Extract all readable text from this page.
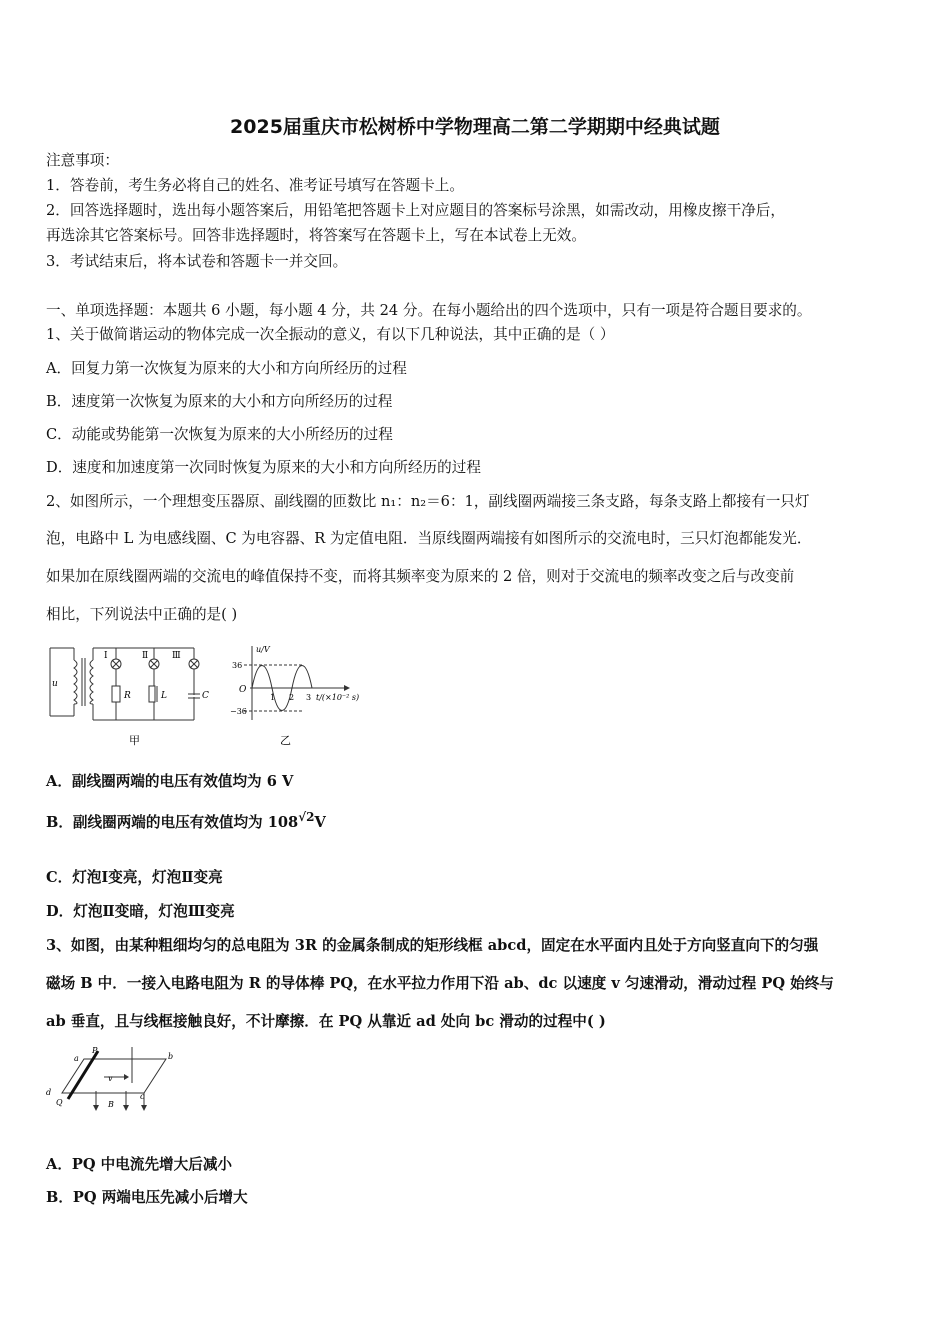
2025届重庆市松树桥中学物理高二第二学期期中经典试题
注意事项：
1．答卷前，考生务必将自己的姓名、准考证号填写在答题卡上。
2．回答选择题时，选出每小题答案后，用铅笔把答题卡上对应题目的答案标号涂黑，如需改动，用橡皮擦干净后，
再选涂其它答案标号。回答非选择题时，将答案写在答题卡上，写在本试卷上无效。
3．考试结束后，将本试卷和答题卡一并交回。
一、单项选择题：本题共 6 小题，每小题 4 分，共 24 分。在每小题给出的四个选项中，只有一项是符合题目要求的。
1、关于做简谐运动的物体完成一次全振动的意义，有以下几种说法，其中正确的是（ ）
A．回复力第一次恢复为原来的大小和方向所经历的过程
B．速度第一次恢复为原来的大小和方向所经历的过程
C．动能或势能第一次恢复为原来的大小所经历的过程
D．速度和加速度第一次同时恢复为原来的大小和方向所经历的过程
2、如图所示，一个理想变压器原、副线圈的匝数比 n₁：n₂＝6：1，副线圈两端接三条支路，每条支路上都接有一只灯
泡，电路中 L 为电感线圈、C 为电容器、R 为定值电阻．当原线圈两端接有如图所示的交流电时，三只灯泡都能发光．
如果加在原线圈两端的交流电的峰值保持不变，而将其频率变为原来的 2 倍，则对于交流电的频率改变之后与改变前
相比，下列说法中正确的是( )
u
Ⅰ	Ⅱ	Ⅲ
R	L	C
甲
u/V
36
−36
O
1 2 3 t/(×10⁻² s)
乙
A．副线圈两端的电压有效值均为 6 V
B．副线圈两端的电压有效值均为 $108^{√2}V$
C．灯泡Ⅰ变亮，灯泡Ⅱ变亮
D．灯泡Ⅱ变暗，灯泡Ⅲ变亮
3、如图，由某种粗细均匀的总电阻为 3R 的金属条制成的矩形线框 abcd，固定在水平面内且处于方向竖直向下的匀强
磁场 B 中．一接入电路电阻为 R 的导体棒 PQ，在水平拉力作用下沿 ab、dc 以速度 v 匀速滑动，滑动过程 PQ 始终与
ab 垂直，且与线框接触良好，不计摩擦．在 PQ 从靠近 ad 处向 bc 滑动的过程中( )
a
P
b
v
d
Q	B
c
A．PQ 中电流先增大后减小
B．PQ 两端电压先减小后增大
